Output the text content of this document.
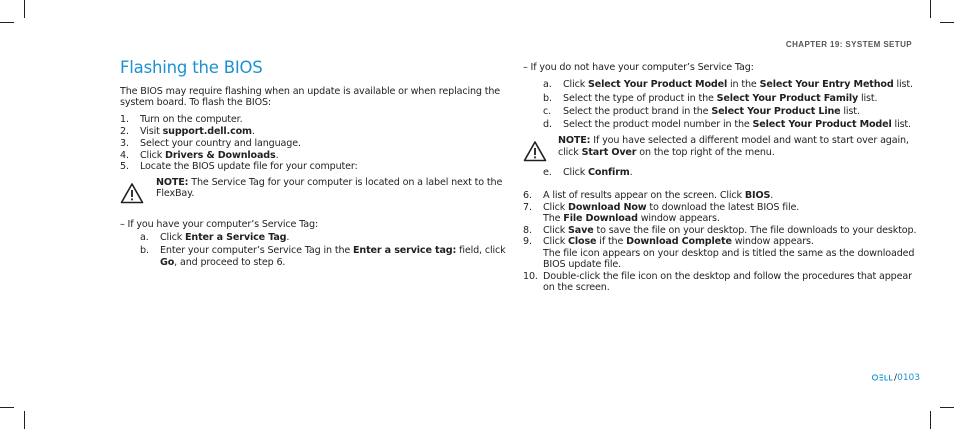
CHAPTER 19: SYSTEM SETUP
Flashing the BIOS
The BIOS may require flashing when an update is available or when replacing the system board. To flash the BIOS:
1. Turn on the computer.
2. Visit support.dell.com.
3. Select your country and language.
4. Click Drivers & Downloads.
5. Locate the BIOS update file for your computer:
NOTE: The Service Tag for your computer is located on a label next to the FlexBay.
– If you have your computer’s Service Tag:
a. Click Enter a Service Tag.
b. Enter your computer’s Service Tag in the Enter a service tag: field, click Go, and proceed to step 6.
– If you do not have your computer’s Service Tag:
a. Click Select Your Product Model in the Select Your Entry Method list.
b. Select the type of product in the Select Your Product Family list.
c. Select the product brand in the Select Your Product Line list.
d. Select the product model number in the Select Your Product Model list.
NOTE: If you have selected a different model and want to start over again, click Start Over on the top right of the menu.
e. Click Confirm.
6. A list of results appear on the screen. Click BIOS.
7. Click Download Now to download the latest BIOS file.
The File Download window appears.
8. Click Save to save the file on your desktop. The file downloads to your desktop.
9. Click Close if the Download Complete window appears.
The file icon appears on your desktop and is titled the same as the downloaded BIOS update file.
10. Double-click the file icon on the desktop and follow the procedures that appear on the screen.
/0103
